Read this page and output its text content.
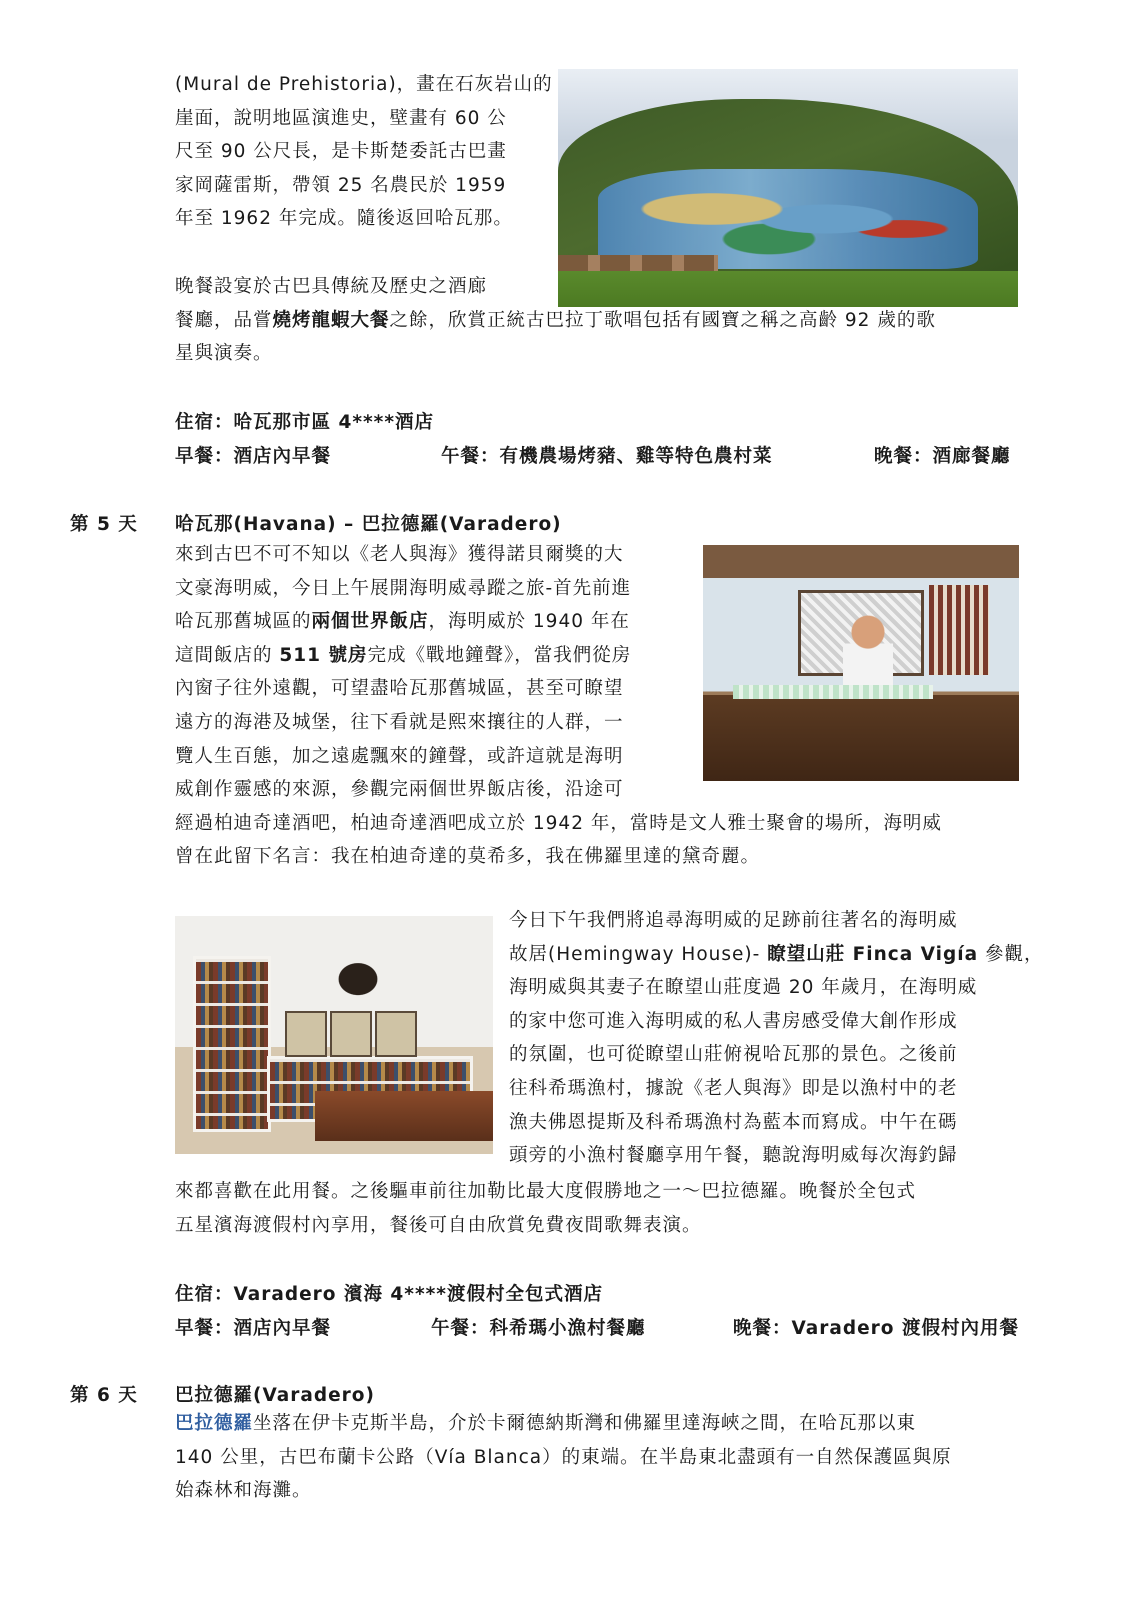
(Mural de Prehistoria)，畫在石灰岩山的
崖面，說明地區演進史，壁畫有 60 公
尺至 90 公尺長，是卡斯楚委託古巴畫
家岡薩雷斯，帶領 25 名農民於 1959
年至 1962 年完成。隨後返回哈瓦那。

晚餐設宴於古巴具傳統及歷史之酒廊
餐廳，品嘗燒烤龍蝦大餐之餘，欣賞正統古巴拉丁歌唱包括有國寶之稱之高齡 92 歲的歌
星與演奏。

住宿：哈瓦那市區 4****酒店
早餐：酒店內早餐	午餐：有機農場烤豬、雞等特色農村菜	晚餐：酒廊餐廳
第 5 天 哈瓦那(Havana) – 巴拉德羅(Varadero)

來到古巴不可不知以《老人與海》獲得諾貝爾獎的大
文豪海明威，今日上午展開海明威尋蹤之旅-首先前進
哈瓦那舊城區的兩個世界飯店，海明威於 1940 年在
這間飯店的 511 號房完成《戰地鐘聲》，當我們從房
內窗子往外遠觀，可望盡哈瓦那舊城區，甚至可瞭望
遠方的海港及城堡，往下看就是熙來攘往的人群，一
覽人生百態，加之遠處飄來的鐘聲，或許這就是海明
威創作靈感的來源，參觀完兩個世界飯店後，沿途可
經過柏迪奇達酒吧，柏迪奇達酒吧成立於 1942 年，當時是文人雅士聚會的場所，海明威
曾在此留下名言：我在柏迪奇達的莫希多，我在佛羅里達的黛奇麗。

今日下午我們將追尋海明威的足跡前往著名的海明威
故居(Hemingway House)- 瞭望山莊 Finca Vigía 參觀，
海明威與其妻子在瞭望山莊度過 20 年歲月，在海明威
的家中您可進入海明威的私人書房感受偉大創作形成
的氛圍，也可從瞭望山莊俯視哈瓦那的景色。之後前
往科希瑪漁村，據說《老人與海》即是以漁村中的老
漁夫佛恩提斯及科希瑪漁村為藍本而寫成。中午在碼
頭旁的小漁村餐廳享用午餐，聽說海明威每次海釣歸

來都喜歡在此用餐。之後驅車前往加勒比最大度假勝地之一～巴拉德羅。晚餐於全包式
五星濱海渡假村內享用，餐後可自由欣賞免費夜間歌舞表演。

住宿：Varadero 濱海 4****渡假村全包式酒店
早餐：酒店內早餐	午餐：科希瑪小漁村餐廳	晚餐：Varadero 渡假村內用餐
第 6 天 巴拉德羅(Varadero)

巴拉德羅坐落在伊卡克斯半島，介於卡爾德納斯灣和佛羅里達海峽之間，在哈瓦那以東
140 公里，古巴布蘭卡公路（Vía Blanca）的東端。在半島東北盡頭有一自然保護區與原
始森林和海灘。
